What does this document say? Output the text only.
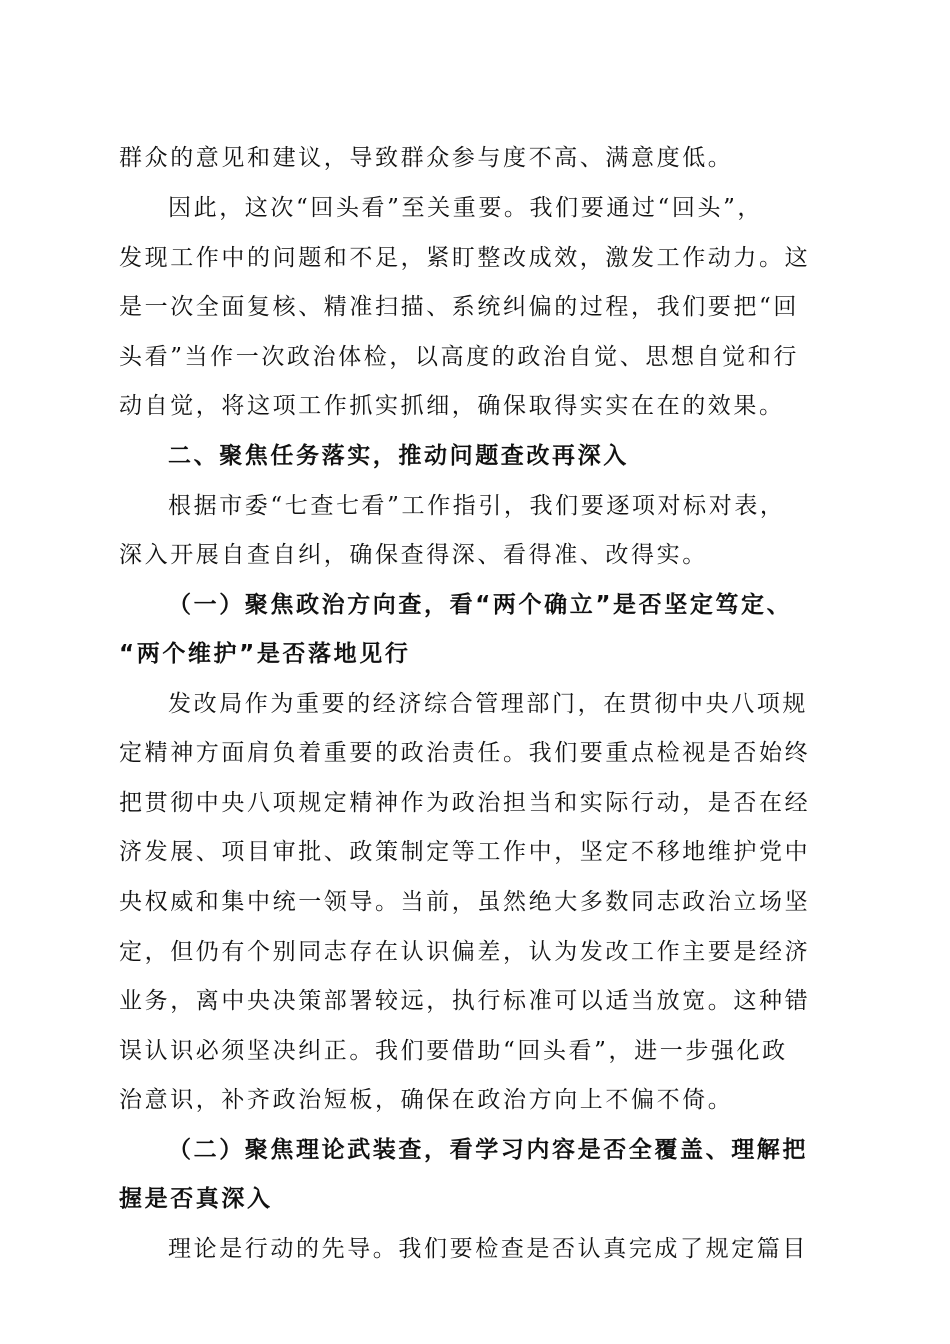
群众的意见和建议，导致群众参与度不高、满意度低。
因此，这次“回头看”至关重要。我们要通过“回头”，
发现工作中的问题和不足，紧盯整改成效，激发工作动力。这
是一次全面复核、精准扫描、系统纠偏的过程，我们要把“回
头看”当作一次政治体检，以高度的政治自觉、思想自觉和行
动自觉，将这项工作抓实抓细，确保取得实实在在的效果。
二、聚焦任务落实，推动问题查改再深入
根据市委“七查七看”工作指引，我们要逐项对标对表，
深入开展自查自纠，确保查得深、看得准、改得实。
（一）聚焦政治方向查，看“两个确立”是否坚定笃定、
“两个维护”是否落地见行
发改局作为重要的经济综合管理部门，在贯彻中央八项规
定精神方面肩负着重要的政治责任。我们要重点检视是否始终
把贯彻中央八项规定精神作为政治担当和实际行动，是否在经
济发展、项目审批、政策制定等工作中，坚定不移地维护党中
央权威和集中统一领导。当前，虽然绝大多数同志政治立场坚
定，但仍有个别同志存在认识偏差，认为发改工作主要是经济
业务，离中央决策部署较远，执行标准可以适当放宽。这种错
误认识必须坚决纠正。我们要借助“回头看”，进一步强化政
治意识，补齐政治短板，确保在政治方向上不偏不倚。
（二）聚焦理论武装查，看学习内容是否全覆盖、理解把
握是否真深入
理论是行动的先导。我们要检查是否认真完成了规定篇目
